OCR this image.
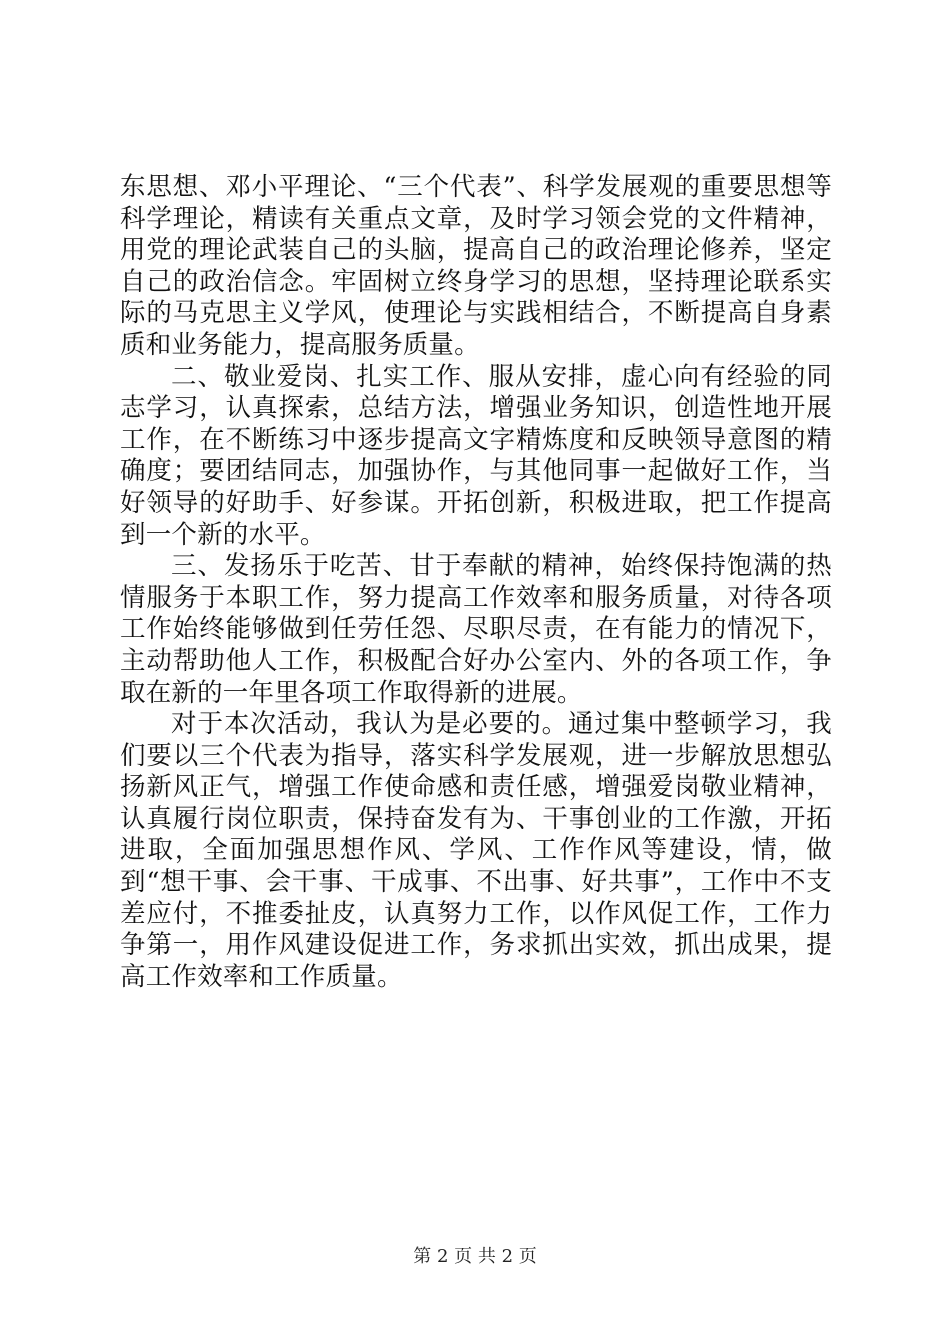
东思想、邓小平理论、“三个代表”、科学发展观的重要思想等科学理论，精读有关重点文章，及时学习领会党的文件精神，用党的理论武装自己的头脑，提高自己的政治理论修养，坚定自己的政治信念。牢固树立终身学习的思想，坚持理论联系实际的马克思主义学风，使理论与实践相结合，不断提高自身素质和业务能力，提高服务质量。

二、敬业爱岗、扎实工作、服从安排，虚心向有经验的同志学习，认真探索，总结方法，增强业务知识，创造性地开展工作，在不断练习中逐步提高文字精炼度和反映领导意图的精确度；要团结同志，加强协作，与其他同事一起做好工作，当好领导的好助手、好参谋。开拓创新，积极进取，把工作提高到一个新的水平。

三、发扬乐于吃苦、甘于奉献的精神，始终保持饱满的热情服务于本职工作，努力提高工作效率和服务质量，对待各项工作始终能够做到任劳任怨、尽职尽责，在有能力的情况下，主动帮助他人工作，积极配合好办公室内、外的各项工作，争取在新的一年里各项工作取得新的进展。

对于本次活动，我认为是必要的。通过集中整顿学习，我们要以三个代表为指导，落实科学发展观，进一步解放思想弘扬新风正气，增强工作使命感和责任感，增强爱岗敬业精神，认真履行岗位职责，保持奋发有为、干事创业的工作激，开拓进取，全面加强思想作风、学风、工作作风等建设，情，做到“想干事、会干事、干成事、不出事、好共事”，工作中不支差应付，不推委扯皮，认真努力工作，以作风促工作，工作力争第一，用作风建设促进工作，务求抓出实效，抓出成果，提高工作效率和工作质量。

第 2 页 共 2 页
